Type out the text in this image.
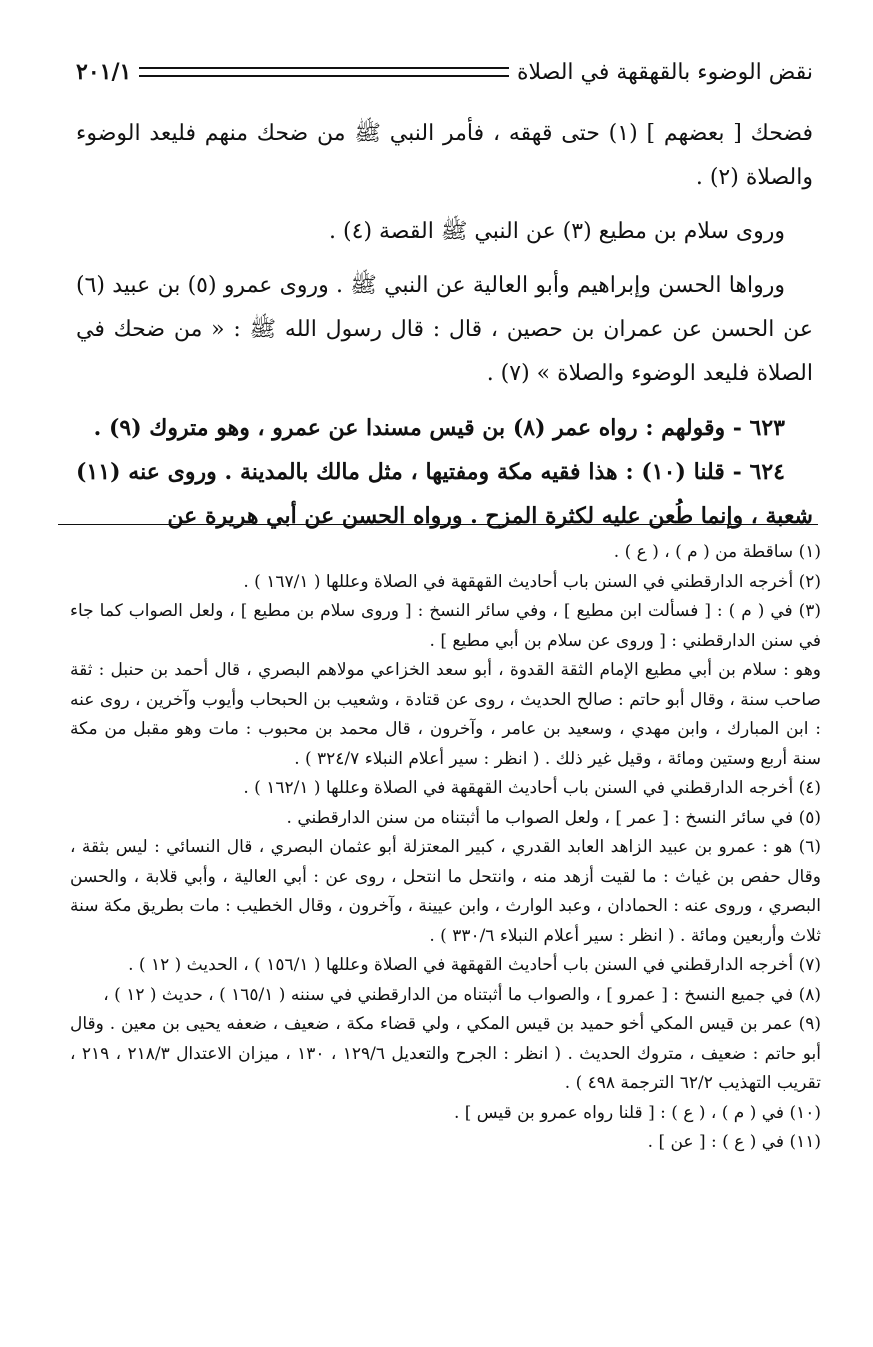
نقض الوضوء بالقهقهة في الصلاة
٢٠١/١

فضحك [ بعضهم ] (١) حتى قهقه ، فأمر النبي ﷺ من ضحك منهم فليعد الوضوء والصلاة (٢) .

وروى سلام بن مطيع (٣) عن النبي ﷺ القصة (٤) .

ورواها الحسن وإبراهيم وأبو العالية عن النبي ﷺ . وروى عمرو (٥) بن عبيد (٦) عن الحسن عن عمران بن حصين ، قال : قال رسول الله ﷺ : « من ضحك في الصلاة فليعد الوضوء والصلاة » (٧) .

٦٢٣ - وقولهم : رواه عمر (٨) بن قيس مسندا عن عمرو ، وهو متروك (٩) .

٦٢٤ - قلنا (١٠) : هذا فقيه مكة ومفتيها ، مثل مالك بالمدينة . وروى عنه (١١) شعبة ، وإنما طُعن عليه لكثرة المزح . ورواه الحسن عن أبي هريرة عن

(١) ساقطة من ( م ) ، ( ع ) .

(٢) أخرجه الدارقطني في السنن باب أحاديث القهقهة في الصلاة وعللها ( ١٦٧/١ ) .

(٣) في ( م ) : [ فسألت ابن مطيع ] ، وفي سائر النسخ : [ وروى سلام بن مطيع ] ، ولعل الصواب كما جاء في سنن الدارقطني : [ وروى عن سلام بن أبي مطيع ] .

وهو : سلام بن أبي مطيع الإمام الثقة القدوة ، أبو سعد الخزاعي مولاهم البصري ، قال أحمد بن حنبل : ثقة صاحب سنة ، وقال أبو حاتم : صالح الحديث ، روى عن قتادة ، وشعيب بن الحبحاب وأيوب وآخرين ، روى عنه : ابن المبارك ، وابن مهدي ، وسعيد بن عامر ، وآخرون ، قال محمد بن محبوب : مات وهو مقبل من مكة سنة أربع وستين ومائة ، وقيل غير ذلك . ( انظر : سير أعلام النبلاء ٣٢٤/٧ ) .

(٤) أخرجه الدارقطني في السنن باب أحاديث القهقهة في الصلاة وعللها ( ١٦٢/١ ) .

(٥) في سائر النسخ : [ عمر ] ، ولعل الصواب ما أثبتناه من سنن الدارقطني .

(٦) هو : عمرو بن عبيد الزاهد العابد القدري ، كبير المعتزلة أبو عثمان البصري ، قال النسائي : ليس بثقة ، وقال حفص بن غياث : ما لقيت أزهد منه ، وانتحل ما انتحل ، روى عن : أبي العالية ، وأبي قلابة ، والحسن البصري ، وروى عنه : الحمادان ، وعبد الوارث ، وابن عيينة ، وآخرون ، وقال الخطيب : مات بطريق مكة سنة ثلاث وأربعين ومائة . ( انظر : سير أعلام النبلاء ٣٣٠/٦ ) .

(٧) أخرجه الدارقطني في السنن باب أحاديث القهقهة في الصلاة وعللها ( ١٥٦/١ ) ، الحديث ( ١٢ ) .

(٨) في جميع النسخ : [ عمرو ] ، والصواب ما أثبتناه من الدارقطني في سننه ( ١٦٥/١ ) ، حديث ( ١٢ ) ،

(٩) عمر بن قيس المكي أخو حميد بن قيس المكي ، ولي قضاء مكة ، ضعيف ، ضعفه يحيى بن معين . وقال أبو حاتم : ضعيف ، متروك الحديث . ( انظر : الجرح والتعديل ١٢٩/٦ ، ١٣٠ ، ميزان الاعتدال ٢١٨/٣ ، ٢١٩ ، تقريب التهذيب ٦٢/٢ الترجمة ٤٩٨ ) .

(١٠) في ( م ) ، ( ع ) : [ قلنا رواه عمرو بن قيس ] .

(١١) في ( ع ) : [ عن ] .
